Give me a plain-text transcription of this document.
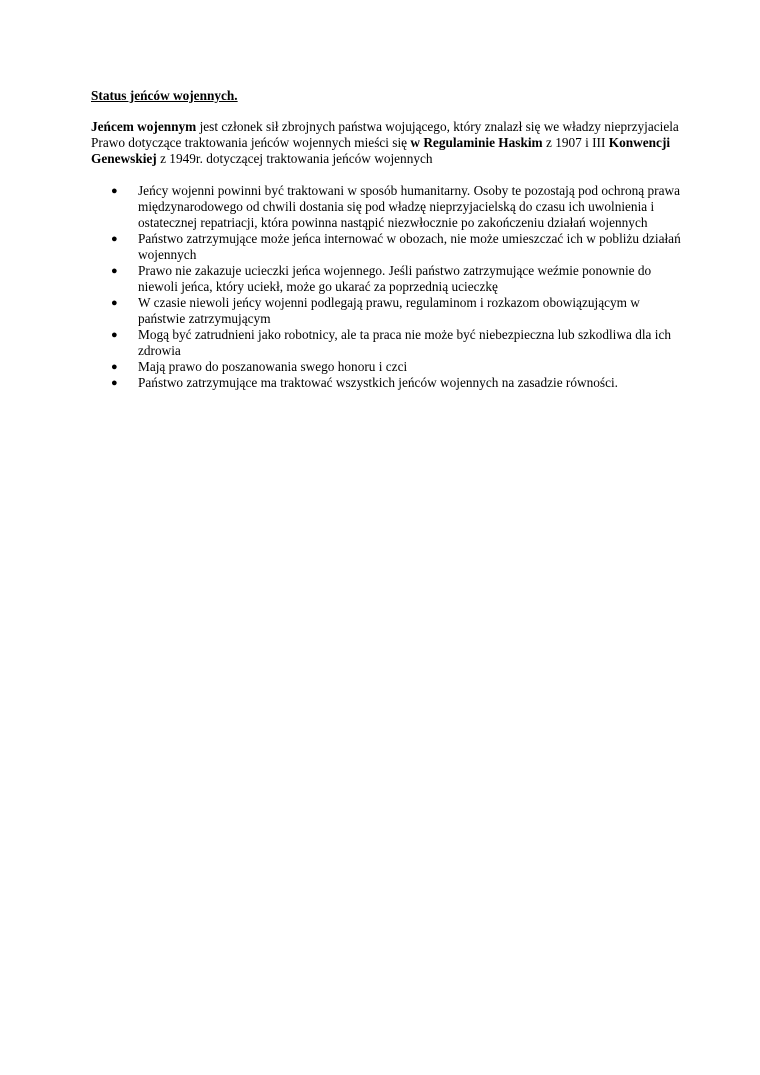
Status jeńców wojennych.

Jeńcem wojennym jest członek sił zbrojnych państwa wojującego, który znalazł się we władzy nieprzyjaciela
Prawo dotyczące traktowania jeńców wojennych mieści się w Regulaminie Haskim z 1907 i III Konwencji Genewskiej z 1949r. dotyczącej traktowania jeńców wojennych

● Jeńcy wojenni powinni być traktowani w sposób humanitarny. Osoby te pozostają pod ochroną prawa międzynarodowego od chwili dostania się pod władzę nieprzyjacielską do czasu ich uwolnienia i ostatecznej repatriacji, która powinna nastąpić niezwłocznie po zakończeniu działań wojennych
● Państwo zatrzymujące może jeńca internować w obozach, nie może umieszczać ich w pobliżu działań wojennych
● Prawo nie zakazuje ucieczki jeńca wojennego. Jeśli państwo zatrzymujące weźmie ponownie do niewoli jeńca, który uciekł, może go ukarać za poprzednią ucieczkę
● W czasie niewoli jeńcy wojenni podlegają prawu, regulaminom i rozkazom obowiązującym w państwie zatrzymującym
● Mogą być zatrudnieni jako robotnicy, ale ta praca nie może być niebezpieczna lub szkodliwa dla ich zdrowia
● Mają prawo do poszanowania swego honoru i czci
● Państwo zatrzymujące ma traktować wszystkich jeńców wojennych na zasadzie równości.
